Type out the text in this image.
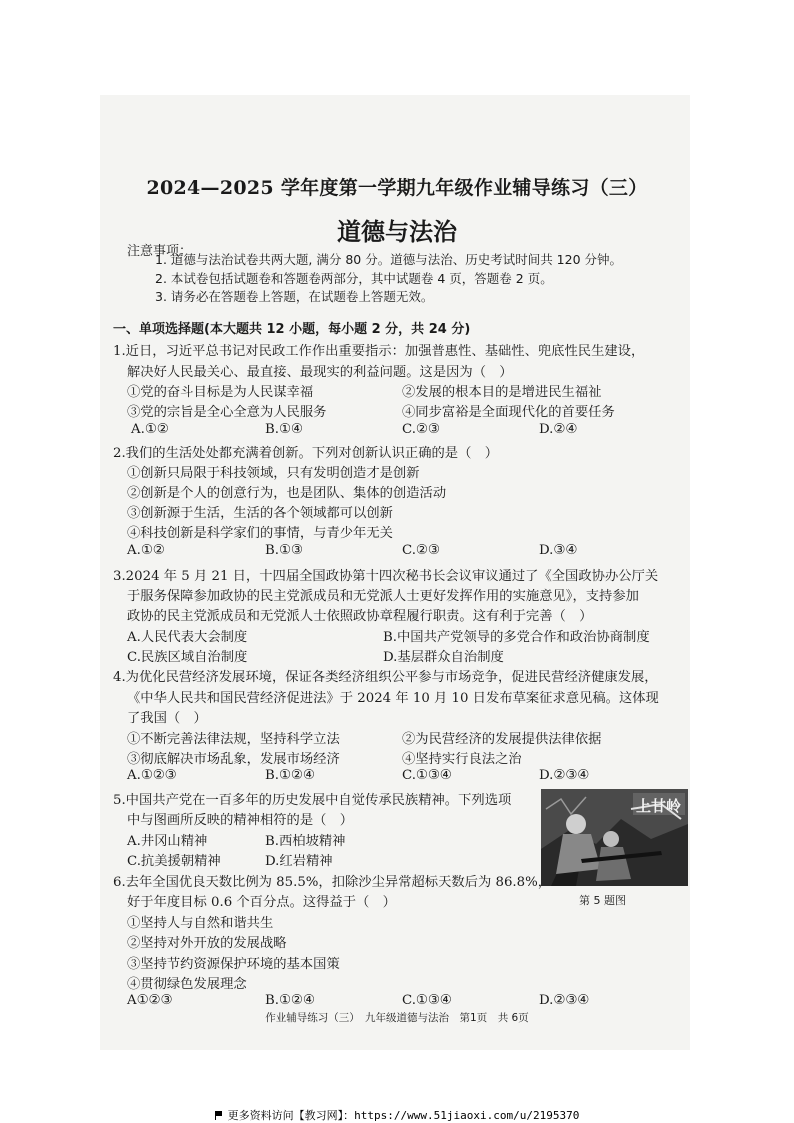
2024—2025 学年度第一学期九年级作业辅导练习（三）
道德与法治
注意事项：
1. 道德与法治试卷共两大题, 满分 80 分。道德与法治、历史考试时间共 120 分钟。
2. 本试卷包括试题卷和答题卷两部分，其中试题卷 4 页，答题卷 2 页。
3. 请务必在答题卷上答题，在试题卷上答题无效。
一、单项选择题(本大题共 12 小题，每小题 2 分，共 24 分)
1.近日，习近平总书记对民政工作作出重要指示：加强普惠性、基础性、兜底性民生建设，
解决好人民最关心、最直接、最现实的利益问题。这是因为（　）
①党的奋斗目标是为人民谋幸福	②发展的根本目的是增进民生福祉
③党的宗旨是全心全意为人民服务	④同步富裕是全面现代化的首要任务
A.①②	B.①④	C.②③	D.②④
2.我们的生活处处都充满着创新。下列对创新认识正确的是（　）
①创新只局限于科技领域，只有发明创造才是创新
②创新是个人的创意行为，也是团队、集体的创造活动
③创新源于生活，生活的各个领域都可以创新
④科技创新是科学家们的事情，与青少年无关
A.①②	B.①③	C.②③	D.③④
3.2024 年 5 月 21 日，十四届全国政协第十四次秘书长会议审议通过了《全国政协办公厅关
于服务保障参加政协的民主党派成员和无党派人士更好发挥作用的实施意见》，支持参加
政协的民主党派成员和无党派人士依照政协章程履行职责。这有利于完善（　）
A.人民代表大会制度	B.中国共产党领导的多党合作和政治协商制度
C.民族区域自治制度	D.基层群众自治制度
4.为优化民营经济发展环境，保证各类经济组织公平参与市场竞争，促进民营经济健康发展，
《中华人民共和国民营经济促进法》于 2024 年 10 月 10 日发布草案征求意见稿。这体现
了我国（　）
①不断完善法律法规，坚持科学立法	②为民营经济的发展提供法律依据
③彻底解决市场乱象，发展市场经济	④坚持实行良法之治
A.①②③	B.①②④	C.①③④	D.②③④
5.中国共产党在一百多年的历史发展中自觉传承民族精神。下列选项
中与图画所反映的精神相符的是（　）
A.井冈山精神	B.西柏坡精神
C.抗美援朝精神	D.红岩精神
上甘岭
第 5 题图
6.去年全国优良天数比例为 85.5%，扣除沙尘异常超标天数后为 86.8%，
好于年度目标 0.6 个百分点。这得益于（　）
①坚持人与自然和谐共生
②坚持对外开放的发展战略
③坚持节约资源保护环境的基本国策
④贯彻绿色发展理念
A①②③	B.①②④	C.①③④	D.②③④
作业辅导练习（三）　九年级道德与法治　第1页　共 6页
更多资料访问【教习网】：https://www.51jiaoxi.com/u/2195370
